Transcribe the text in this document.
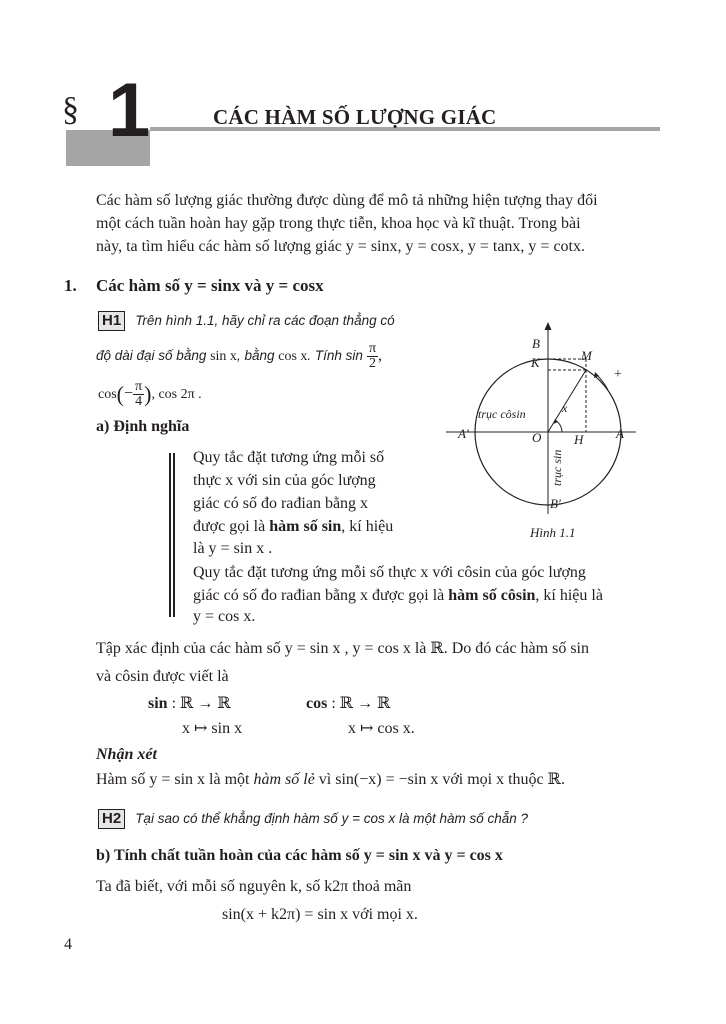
§ 1	CÁC HÀM SỐ LƯỢNG GIÁC
Các hàm số lượng giác thường được dùng để mô tả những hiện tượng thay đổi
một cách tuần hoàn hay gặp trong thực tiễn, khoa học và kĩ thuật. Trong bài
này, ta tìm hiểu các hàm số lượng giác y = sinx, y = cosx, y = tanx, y = cotx.
1. Các hàm số y = sinx và y = cosx
H1 Trên hình 1.1, hãy chỉ ra các đoạn thẳng có
độ dài đại số bằng sin x, bằng cos x. Tính $\sin \frac{\pi}{2}$ ,
$\cos(- \frac{\pi}{4}$ ), cos 2π .
a) Định nghĩa
Quy tắc đặt tương ứng mỗi số
thực x với sin của góc lượng
giác có số đo rađian bằng x
được gọi là hàm số sin, kí hiệu
là y = sin x .
Quy tắc đặt tương ứng mỗi số thực x với côsin của góc lượng
giác có số đo rađian bằng x được gọi là hàm số côsin, kí hiệu là
y = cos x.
B
K	M
+
x
trục côsin
A′	O	H	A
trục sin
B′
Hình 1.1
Tập xác định của các hàm số y = sin x , y = cos x là ℝ. Do đó các hàm số sin
và côsin được viết là
sin : ℝ → ℝ
x ↦ sin x
cos : ℝ → ℝ
x ↦ cos x.
Nhận xét
Hàm số y = sin x là một hàm số lẻ vì sin(−x) = −sin x với mọi x thuộc ℝ.
H2 Tại sao có thể khẳng định hàm số y = cos x là một hàm số chẵn ?
b) Tính chất tuần hoàn của các hàm số y = sin x và y = cos x
Ta đã biết, với mỗi số nguyên k, số k2π thoả mãn
sin(x + k2π) = sin x với mọi x.
4
